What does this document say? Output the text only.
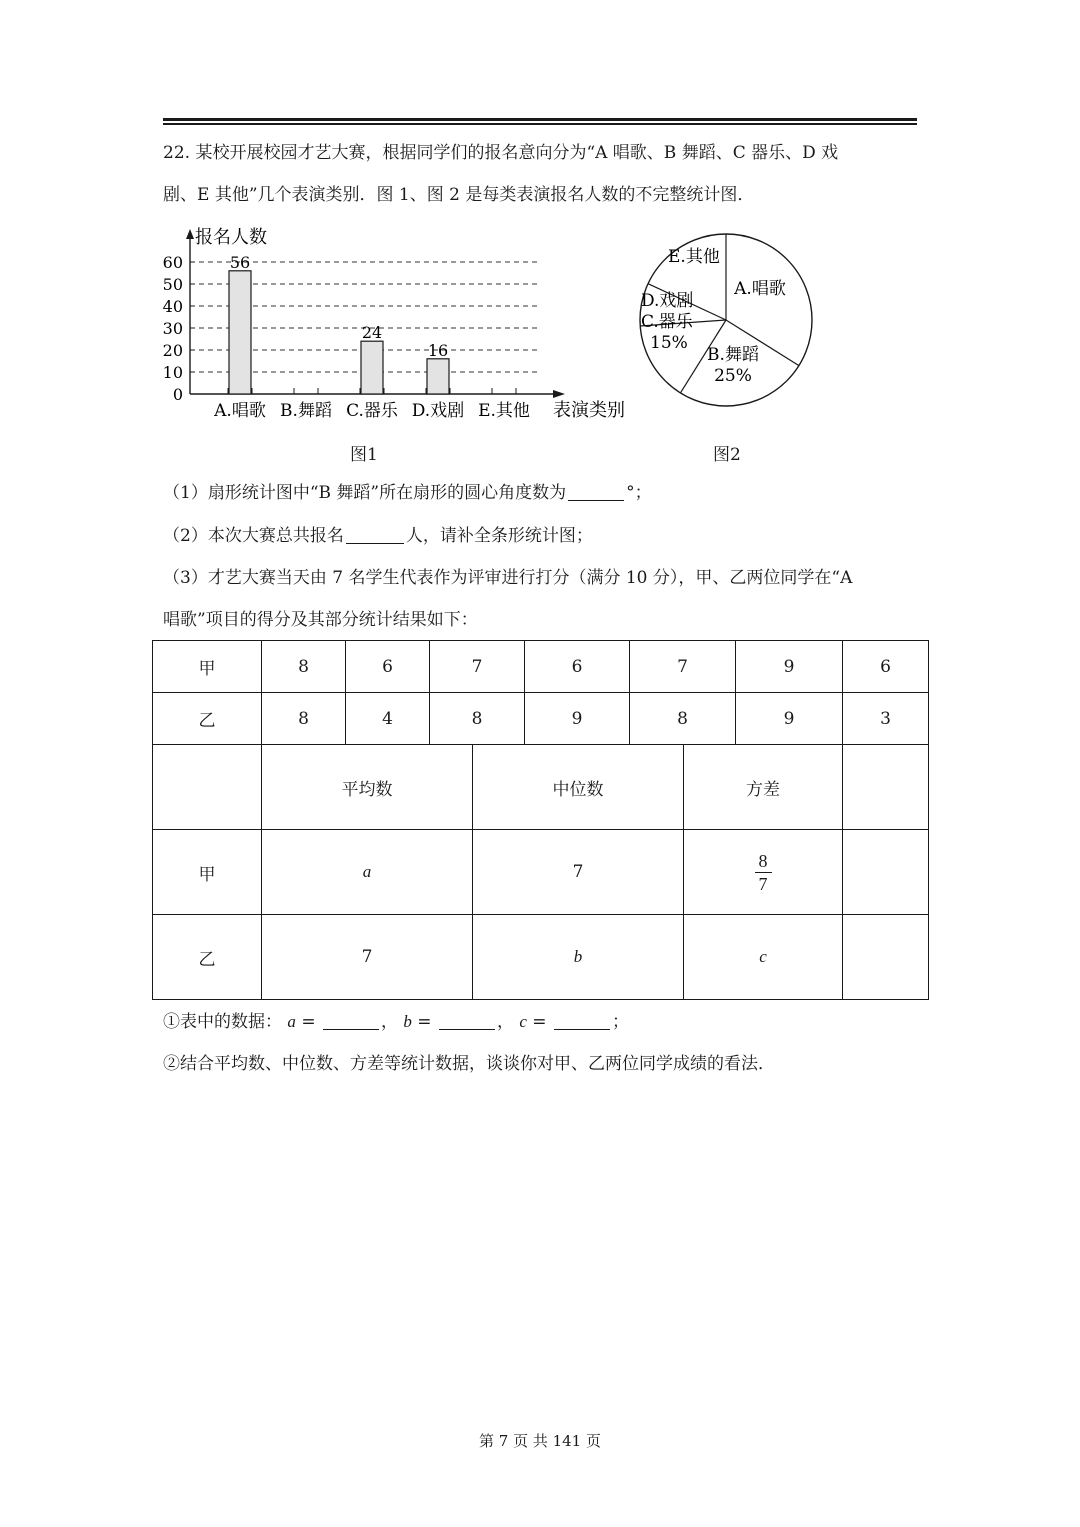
22. 某校开展校园才艺大赛，根据同学们的报名意向分为“A 唱歌、B 舞蹈、C 器乐、D 戏
剧、E 其他”几个表演类别．图 1、图 2 是每类表演报名人数的不完整统计图．
0
10
20
30
40
50
60
报名人数
表演类别
A.唱歌
56
B.舞蹈 C.器乐
24
D.戏剧
16
E.其他
图1
A.唱歌
B.舞蹈
25%
C.器乐
15%
D.戏剧
E.其他
图2
（1）扇形统计图中“B 舞蹈”所在扇形的圆心角度数为	°；
（2）本次大赛总共报名	人，请补全条形统计图；
（3）才艺大赛当天由 7 名学生代表作为评审进行打分（满分 10 分），甲、乙两位同学在“A
唱歌”项目的得分及其部分统计结果如下：
甲	8	6	7		6	7		9	6
乙	8	4	8		9	8		9	3
	平均数			中位数			方差		
甲	a			7			$\frac{8}{7}$

乙	7			b			c		
①表中的数据： a =	， b =	， c =	；
②结合平均数、中位数、方差等统计数据，谈谈你对甲、乙两位同学成绩的看法．
第 7 页 共 141 页
